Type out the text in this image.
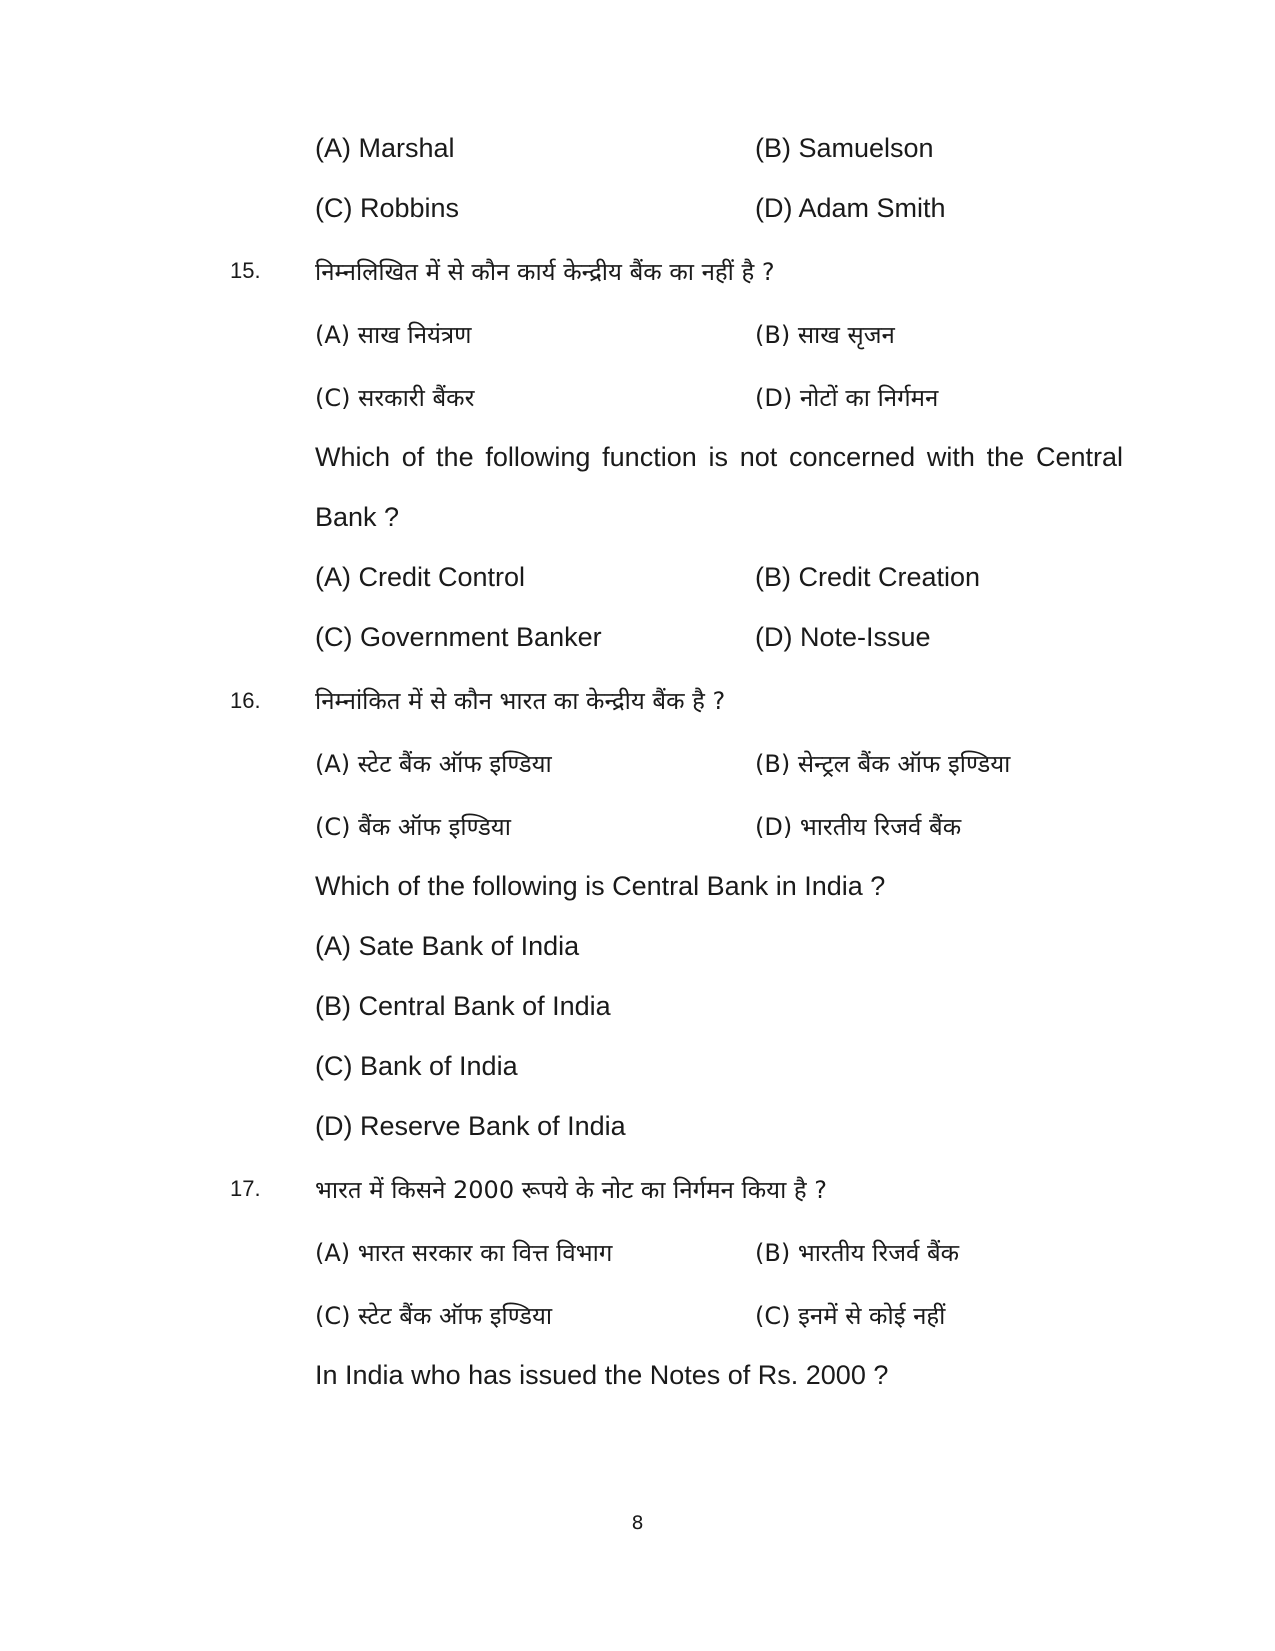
(A) Marshal	(B) Samuelson
(C) Robbins	(D) Adam Smith
15. निम्नलिखित में से कौन कार्य केन्द्रीय बैंक का नहीं है ?
(A) साख नियंत्रण	(B) साख सृजन
(C) सरकारी बैंकर	(D) नोटों का निर्गमन
Which of the following function is not concerned with the Central
Bank ?
(A) Credit Control	(B) Credit Creation
(C) Government Banker	(D) Note-Issue
16. निम्नांकित में से कौन भारत का केन्द्रीय बैंक है ?
(A) स्टेट बैंक ऑफ इण्डिया	(B) सेन्ट्रल बैंक ऑफ इण्डिया
(C) बैंक ऑफ इण्डिया	(D) भारतीय रिजर्व बैंक
Which of the following is Central Bank in India ?
(A) Sate Bank of India
(B) Central Bank of India
(C) Bank of India
(D) Reserve Bank of India
17. भारत में किसने 2000 रूपये के नोट का निर्गमन किया है ?
(A) भारत सरकार का वित्त विभाग	(B) भारतीय रिजर्व बैंक
(C) स्टेट बैंक ऑफ इण्डिया	(C) इनमें से कोई नहीं
In India who has issued the Notes of Rs. 2000 ?
8
